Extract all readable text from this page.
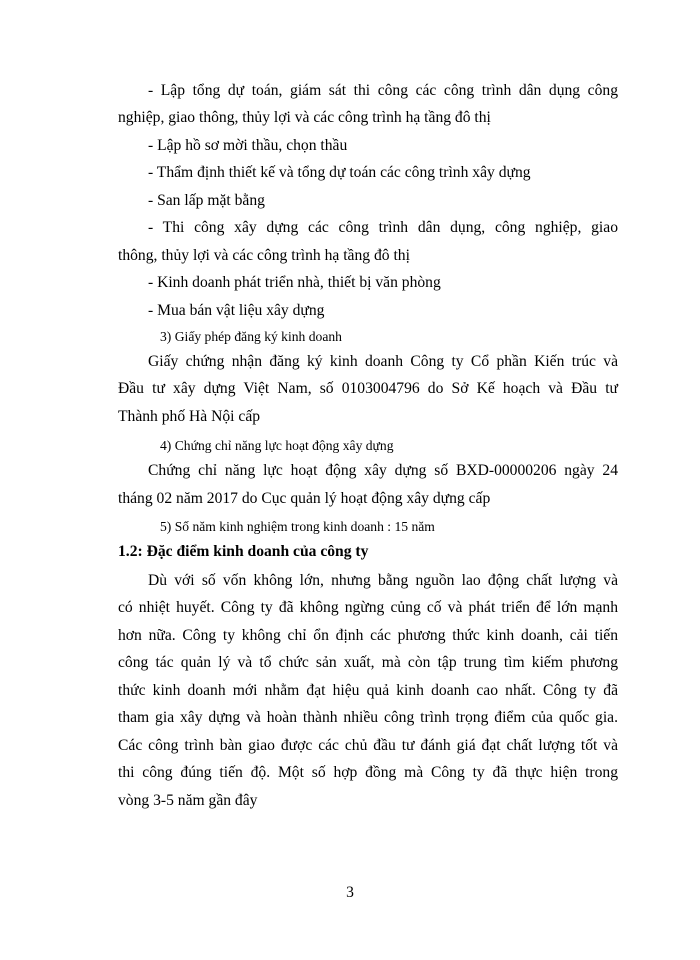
- Lập tổng dự toán, giám sát thi công các công trình dân dụng công
nghiệp, giao thông, thủy lợi và các công trình hạ tầng đô thị
- Lập hồ sơ mời thầu, chọn thầu
- Thẩm định thiết kế và tổng dự toán các công trình xây dựng
- San lấp mặt bằng
- Thi công xây dựng các công trình dân dụng, công nghiệp, giao
thông, thủy lợi và các công trình hạ tầng đô thị
- Kinh doanh phát triển nhà, thiết bị văn phòng
- Mua bán vật liệu xây dựng
3) Giấy phép đăng ký kinh doanh
Giấy chứng nhận đăng ký kinh doanh Công ty Cổ phần Kiến trúc và
Đầu tư xây dựng Việt Nam, số 0103004796 do Sở Kế hoạch và Đầu tư
Thành phố Hà Nội cấp
4) Chứng chỉ năng lực hoạt động xây dựng
Chứng chỉ năng lực hoạt động xây dựng số BXD-00000206 ngày 24
tháng 02 năm 2017 do Cục quản lý hoạt động xây dựng cấp
5) Số năm kinh nghiệm trong kinh doanh : 15 năm
1.2: Đặc điểm kinh doanh của công ty
Dù với số vốn không lớn, nhưng bằng nguồn lao động chất lượng và
có nhiệt huyết. Công ty đã không ngừng củng cố và phát triển để lớn mạnh
hơn nữa. Công ty không chỉ ổn định các phương thức kinh doanh, cải tiến
công tác quản lý và tổ chức sản xuất, mà còn tập trung tìm kiếm phương
thức kinh doanh mới nhằm đạt hiệu quả kinh doanh cao nhất. Công ty đã
tham gia xây dựng và hoàn thành nhiều công trình trọng điểm của quốc gia.
Các công trình bàn giao được các chủ đầu tư đánh giá đạt chất lượng tốt và
thi công đúng tiến độ. Một số hợp đồng mà Công ty đã thực hiện trong
vòng 3-5 năm gần đây
3
